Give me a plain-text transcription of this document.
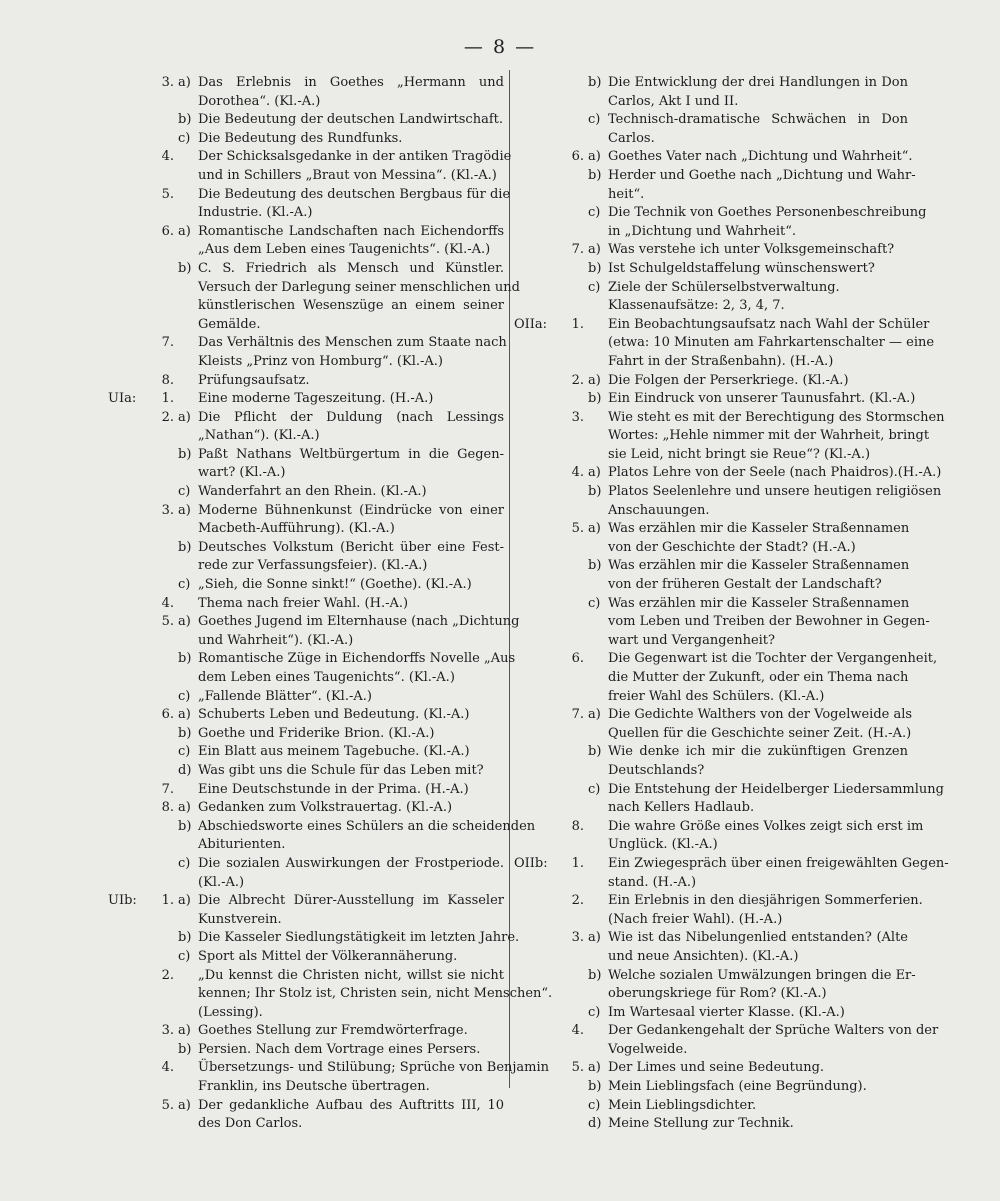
— 8 —
3. a) Das Erlebnis in Goethes „Hermann und
Dorothea“. (Kl.-A.)
b) Die Bedeutung der deutschen Landwirtschaft.
c) Die Bedeutung des Rundfunks.
4.	Der Schicksalsgedanke in der antiken Tragödie
und in Schillers „Braut von Messina“. (Kl.-A.)
5.	Die Bedeutung des deutschen Bergbaus für die
Industrie. (Kl.-A.)
6. a) Romantische Landschaften nach Eichendorffs
„Aus dem Leben eines Taugenichts“. (Kl.-A.)
b) C. S. Friedrich als Mensch und Künstler.
Versuch der Darlegung seiner menschlichen und
künstlerischen Wesenszüge an einem seiner
Gemälde.
7.	Das Verhältnis des Menschen zum Staate nach
Kleists „Prinz von Homburg“. (Kl.-A.)
8.	Prüfungsaufsatz.
UIa:	1.	Eine moderne Tageszeitung. (H.-A.)
2. a) Die Pflicht der Duldung (nach Lessings
„Nathan“). (Kl.-A.)
b) Paßt Nathans Weltbürgertum in die Gegen-
wart? (Kl.-A.)
c) Wanderfahrt an den Rhein. (Kl.-A.)
3. a) Moderne Bühnenkunst (Eindrücke von einer
Macbeth-Aufführung). (Kl.-A.)
b) Deutsches Volkstum (Bericht über eine Fest-
rede zur Verfassungsfeier). (Kl.-A.)
c) „Sieh, die Sonne sinkt!“ (Goethe). (Kl.-A.)
4.	Thema nach freier Wahl. (H.-A.)
5. a) Goethes Jugend im Elternhause (nach „Dichtung
und Wahrheit“). (Kl.-A.)
b) Romantische Züge in Eichendorffs Novelle „Aus
dem Leben eines Taugenichts“. (Kl.-A.)
c) „Fallende Blätter“. (Kl.-A.)
6. a) Schuberts Leben und Bedeutung. (Kl.-A.)
b) Goethe und Friderike Brion. (Kl.-A.)
c) Ein Blatt aus meinem Tagebuche. (Kl.-A.)
d) Was gibt uns die Schule für das Leben mit?
7.	Eine Deutschstunde in der Prima. (H.-A.)
8. a) Gedanken zum Volkstrauertag. (Kl.-A.)
b) Abschiedsworte eines Schülers an die scheidenden
Abiturienten.
c) Die sozialen Auswirkungen der Frostperiode.
(Kl.-A.)
UIb:	1. a) Die Albrecht Dürer-Ausstellung im Kasseler
Kunstverein.
b) Die Kasseler Siedlungstätigkeit im letzten Jahre.
c) Sport als Mittel der Völkerannäherung.
2.	„Du kennst die Christen nicht, willst sie nicht
kennen; Ihr Stolz ist, Christen sein, nicht Menschen“.
(Lessing).
3. a) Goethes Stellung zur Fremdwörterfrage.
b) Persien. Nach dem Vortrage eines Persers.
4.	Übersetzungs- und Stilübung; Sprüche von Benjamin
Franklin, ins Deutsche übertragen.
5. a) Der gedankliche Aufbau des Auftritts III, 10
des Don Carlos.
b) Die Entwicklung der drei Handlungen in Don
Carlos, Akt I und II.
c) Technisch-dramatische Schwächen in Don
Carlos.
6. a) Goethes Vater nach „Dichtung und Wahrheit“.
b) Herder und Goethe nach „Dichtung und Wahr-
heit“.
c) Die Technik von Goethes Personenbeschreibung
in „Dichtung und Wahrheit“.
7. a) Was verstehe ich unter Volksgemeinschaft?
b) Ist Schulgeldstaffelung wünschenswert?
c) Ziele der Schülerselbstverwaltung.
Klassenaufsätze: 2, 3, 4, 7.
OIIa:	1.	Ein Beobachtungsaufsatz nach Wahl der Schüler
(etwa: 10 Minuten am Fahrkartenschalter — eine
Fahrt in der Straßenbahn). (H.-A.)
2. a) Die Folgen der Perserkriege. (Kl.-A.)
b) Ein Eindruck von unserer Taunusfahrt. (Kl.-A.)
3.	Wie steht es mit der Berechtigung des Stormschen
Wortes: „Hehle nimmer mit der Wahrheit, bringt
sie Leid, nicht bringt sie Reue“? (Kl.-A.)
4. a) Platos Lehre von der Seele (nach Phaidros).(H.-A.)
b) Platos Seelenlehre und unsere heutigen religiösen
Anschauungen.
5. a) Was erzählen mir die Kasseler Straßennamen
von der Geschichte der Stadt? (H.-A.)
b) Was erzählen mir die Kasseler Straßennamen
von der früheren Gestalt der Landschaft?
c) Was erzählen mir die Kasseler Straßennamen
vom Leben und Treiben der Bewohner in Gegen-
wart und Vergangenheit?
6.	Die Gegenwart ist die Tochter der Vergangenheit,
die Mutter der Zukunft, oder ein Thema nach
freier Wahl des Schülers. (Kl.-A.)
7. a) Die Gedichte Walthers von der Vogelweide als
Quellen für die Geschichte seiner Zeit. (H.-A.)
b) Wie denke ich mir die zukünftigen Grenzen
Deutschlands?
c) Die Entstehung der Heidelberger Liedersammlung
nach Kellers Hadlaub.
8.	Die wahre Größe eines Volkes zeigt sich erst im
Unglück. (Kl.-A.)
OIIb:	1.	Ein Zwiegespräch über einen freigewählten Gegen-
stand. (H.-A.)
2.	Ein Erlebnis in den diesjährigen Sommerferien.
(Nach freier Wahl). (H.-A.)
3. a) Wie ist das Nibelungenlied entstanden? (Alte
und neue Ansichten). (Kl.-A.)
b) Welche sozialen Umwälzungen bringen die Er-
oberungskriege für Rom? (Kl.-A.)
c) Im Wartesaal vierter Klasse. (Kl.-A.)
4.	Der Gedankengehalt der Sprüche Walters von der
Vogelweide.
5. a) Der Limes und seine Bedeutung.
b) Mein Lieblingsfach (eine Begründung).
c) Mein Lieblingsdichter.
d) Meine Stellung zur Technik.
